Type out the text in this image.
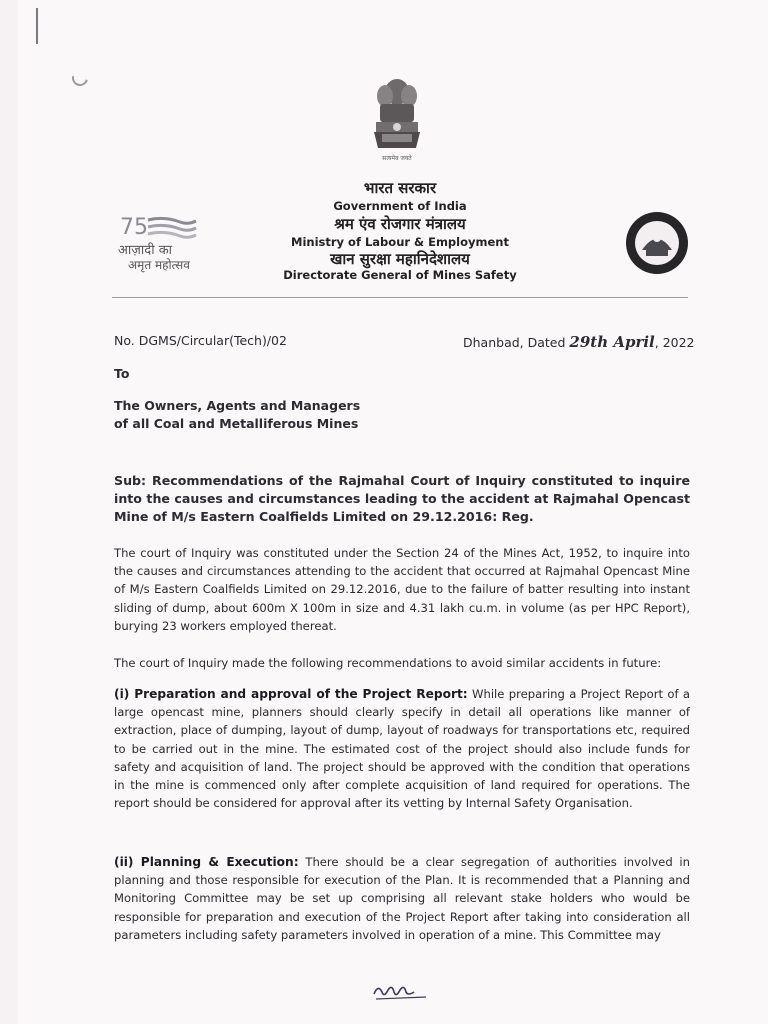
सत्यमेव जयते
भारत सरकार
Government of India
श्रम एंव रोजगार मंत्रालय
Ministry of Labour & Employment
खान सुरक्षा महानिदेशालय
Directorate General of Mines Safety
75
आज़ादी का
अमृत महोत्सव
No. DGMS/Circular(Tech)/02	Dhanbad, Dated 29th April, 2022
To
The Owners, Agents and Managers
of all Coal and Metalliferous Mines
Sub: Recommendations of the Rajmahal Court of Inquiry constituted to inquire into the causes and circumstances leading to the accident at Rajmahal Opencast Mine of M/s Eastern Coalfields Limited on 29.12.2016: Reg.
The court of Inquiry was constituted under the Section 24 of the Mines Act, 1952, to inquire into the causes and circumstances attending to the accident that occurred at Rajmahal Opencast Mine of M/s Eastern Coalfields Limited on 29.12.2016, due to the failure of batter resulting into instant sliding of dump, about 600m X 100m in size and 4.31 lakh cu.m. in volume (as per HPC Report), burying 23 workers employed thereat.
The court of Inquiry made the following recommendations to avoid similar accidents in future:
(i) Preparation and approval of the Project Report: While preparing a Project Report of a large opencast mine, planners should clearly specify in detail all operations like manner of extraction, place of dumping, layout of dump, layout of roadways for transportations etc, required to be carried out in the mine. The estimated cost of the project should also include funds for safety and acquisition of land. The project should be approved with the condition that operations in the mine is commenced only after complete acquisition of land required for operations. The report should be considered for approval after its vetting by Internal Safety Organisation.
(ii) Planning & Execution: There should be a clear segregation of authorities involved in planning and those responsible for execution of the Plan. It is recommended that a Planning and Monitoring Committee may be set up comprising all relevant stake holders who would be responsible for preparation and execution of the Project Report after taking into consideration all parameters including safety parameters involved in operation of a mine. This Committee may
